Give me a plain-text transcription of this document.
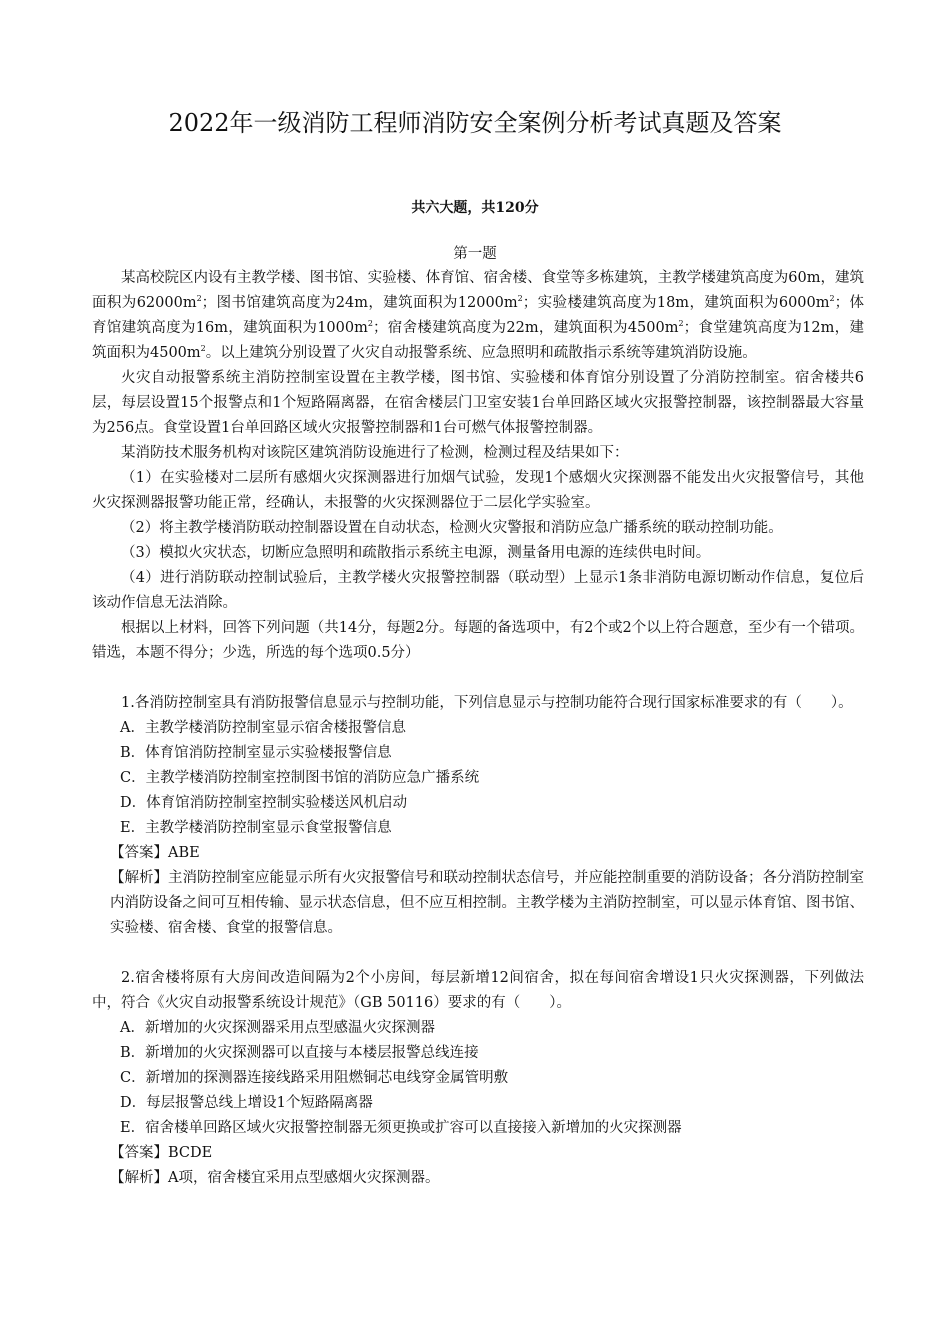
2022年一级消防工程师消防安全案例分析考试真题及答案
共六大题，共120分
第一题

某高校院区内设有主教学楼、图书馆、实验楼、体育馆、宿舍楼、食堂等多栋建筑，主教学楼建筑高度为60m，建筑面积为$62000m^2$；图书馆建筑高度为24m，建筑面积为$12000m^2$；实验楼建筑高度为18m，建筑面积为$6000m^2$；体育馆建筑高度为16m，建筑面积为$1000m^2$；宿舍楼建筑高度为22m，建筑面积为$4500m^2$；食堂建筑高度为12m，建筑面积为$4500m^2$。以上建筑分别设置了火灾自动报警系统、应急照明和疏散指示系统等建筑消防设施。

火灾自动报警系统主消防控制室设置在主教学楼，图书馆、实验楼和体育馆分别设置了分消防控制室。宿舍楼共6层，每层设置15个报警点和1个短路隔离器，在宿舍楼层门卫室安装1台单回路区域火灾报警控制器，该控制器最大容量为256点。食堂设置1台单回路区域火灾报警控制器和1台可燃气体报警控制器。

某消防技术服务机构对该院区建筑消防设施进行了检测，检测过程及结果如下：

（1）在实验楼对二层所有感烟火灾探测器进行加烟气试验，发现1个感烟火灾探测器不能发出火灾报警信号，其他火灾探测器报警功能正常，经确认，未报警的火灾探测器位于二层化学实验室。

（2）将主教学楼消防联动控制器设置在自动状态，检测火灾警报和消防应急广播系统的联动控制功能。

（3）模拟火灾状态，切断应急照明和疏散指示系统主电源，测量备用电源的连续供电时间。

（4）进行消防联动控制试验后，主教学楼火灾报警控制器（联动型）上显示1条非消防电源切断动作信息，复位后该动作信息无法消除。

根据以上材料，回答下列问题（共14分，每题2分。每题的备选项中，有2个或2个以上符合题意，至少有一个错项。错选，本题不得分；少选，所选的每个选项0.5分）

1.各消防控制室具有消防报警信息显示与控制功能，下列信息显示与控制功能符合现行国家标准要求的有（　　）。

A．主教学楼消防控制室显示宿舍楼报警信息

B．体育馆消防控制室显示实验楼报警信息

C．主教学楼消防控制室控制图书馆的消防应急广播系统

D．体育馆消防控制室控制实验楼送风机启动

E．主教学楼消防控制室显示食堂报警信息

【答案】ABE

【解析】主消防控制室应能显示所有火灾报警信号和联动控制状态信号，并应能控制重要的消防设备；各分消防控制室内消防设备之间可互相传输、显示状态信息，但不应互相控制。主教学楼为主消防控制室，可以显示体育馆、图书馆、实验楼、宿舍楼、食堂的报警信息。

2.宿舍楼将原有大房间改造间隔为2个小房间，每层新增12间宿舍，拟在每间宿舍增设1只火灾探测器，下列做法中，符合《火灾自动报警系统设计规范》（GB 50116）要求的有（　　）。

A．新增加的火灾探测器采用点型感温火灾探测器

B．新增加的火灾探测器可以直接与本楼层报警总线连接

C．新增加的探测器连接线路采用阻燃铜芯电线穿金属管明敷

D．每层报警总线上增设1个短路隔离器

E．宿舍楼单回路区域火灾报警控制器无须更换或扩容可以直接接入新增加的火灾探测器

【答案】BCDE

【解析】A项，宿舍楼宜采用点型感烟火灾探测器。
